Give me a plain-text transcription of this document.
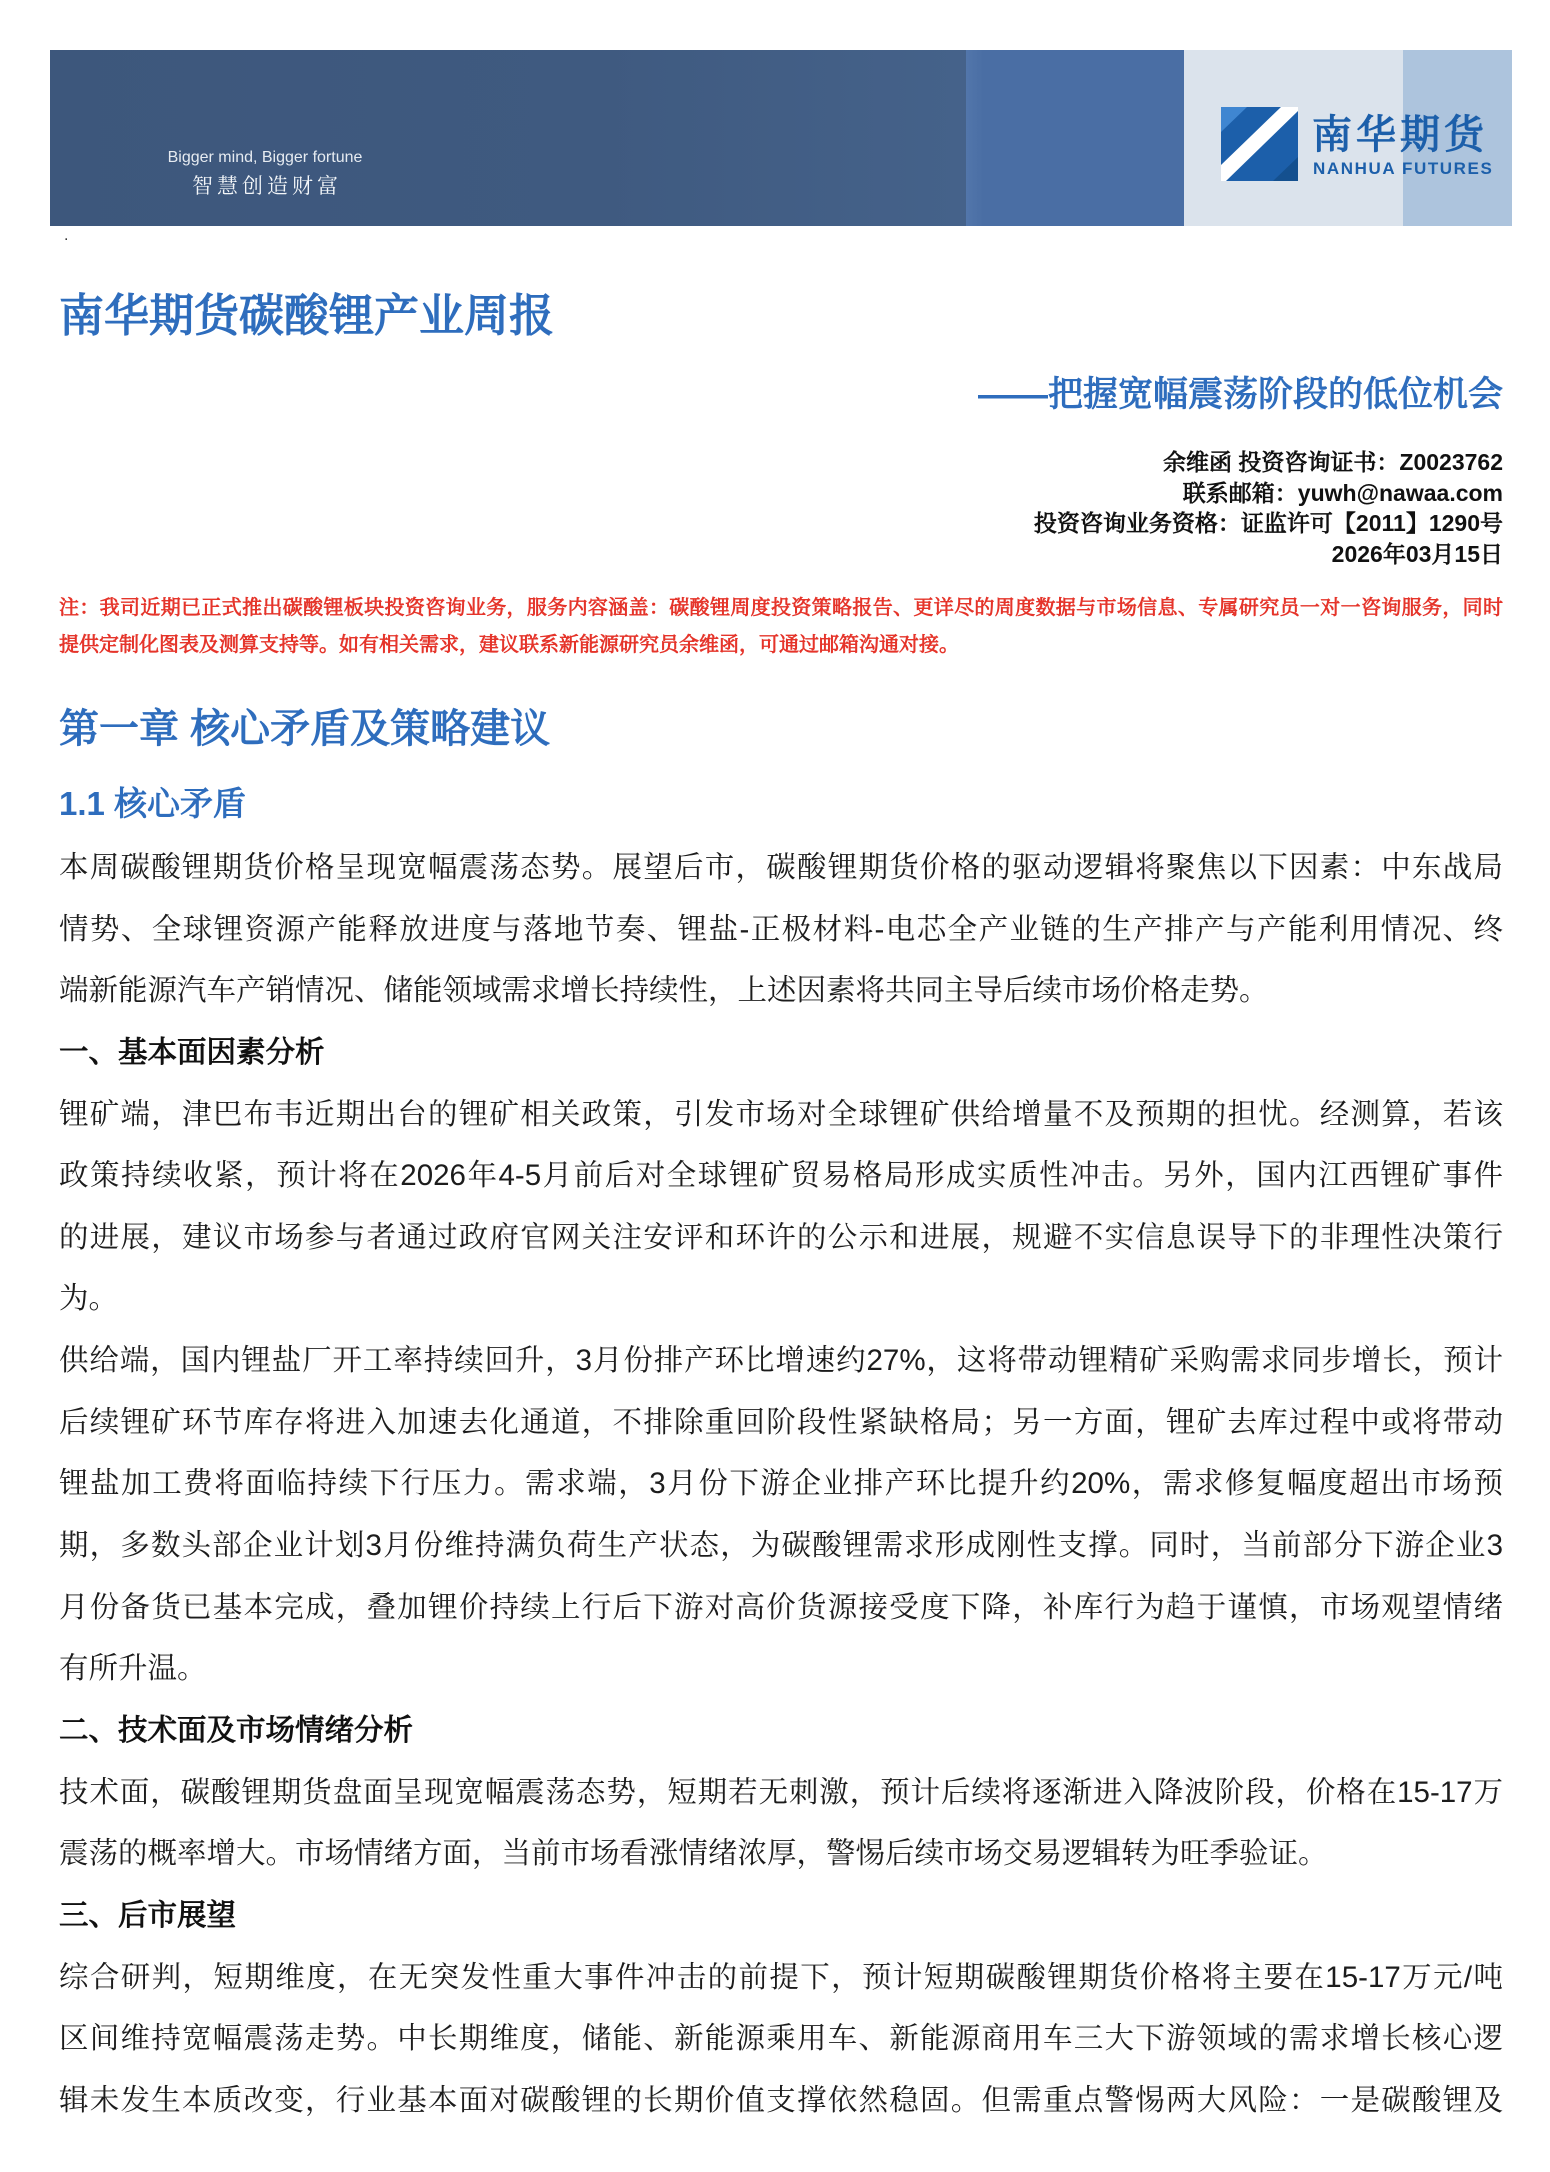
Bigger mind, Bigger fortune
智慧创造财富
南华期货
NANHUA FUTURES
.
南华期货碳酸锂产业周报
——把握宽幅震荡阶段的低位机会
余维函 投资咨询证书：Z0023762
联系邮箱：yuwh@nawaa.com
投资咨询业务资格：证监许可【2011】1290号
2026年03月15日
注：我司近期已正式推出碳酸锂板块投资咨询业务，服务内容涵盖：碳酸锂周度投资策略报告、更详尽的周度数据与市场信息、专属研究员一对一咨询服务，同时
提供定制化图表及测算支持等。如有相关需求，建议联系新能源研究员余维函，可通过邮箱沟通对接。
第一章 核心矛盾及策略建议
1.1 核心矛盾
本周碳酸锂期货价格呈现宽幅震荡态势。展望后市，碳酸锂期货价格的驱动逻辑将聚焦以下因素：中东战局
情势、全球锂资源产能释放进度与落地节奏、锂盐-正极材料-电芯全产业链的生产排产与产能利用情况、终
端新能源汽车产销情况、储能领域需求增长持续性，上述因素将共同主导后续市场价格走势。
一、基本面因素分析
锂矿端，津巴布韦近期出台的锂矿相关政策，引发市场对全球锂矿供给增量不及预期的担忧。经测算，若该
政策持续收紧，预计将在2026年4-5月前后对全球锂矿贸易格局形成实质性冲击。另外，国内江西锂矿事件
的进展，建议市场参与者通过政府官网关注安评和环许的公示和进展，规避不实信息误导下的非理性决策行
为。
供给端，国内锂盐厂开工率持续回升，3月份排产环比增速约27%，这将带动锂精矿采购需求同步增长，预计
后续锂矿环节库存将进入加速去化通道，不排除重回阶段性紧缺格局；另一方面，锂矿去库过程中或将带动
锂盐加工费将面临持续下行压力。需求端，3月份下游企业排产环比提升约20%，需求修复幅度超出市场预
期，多数头部企业计划3月份维持满负荷生产状态，为碳酸锂需求形成刚性支撑。同时，当前部分下游企业3
月份备货已基本完成，叠加锂价持续上行后下游对高价货源接受度下降，补库行为趋于谨慎，市场观望情绪
有所升温。
二、技术面及市场情绪分析
技术面，碳酸锂期货盘面呈现宽幅震荡态势，短期若无刺激，预计后续将逐渐进入降波阶段，价格在15-17万
震荡的概率增大。市场情绪方面，当前市场看涨情绪浓厚，警惕后续市场交易逻辑转为旺季验证。
三、后市展望
综合研判，短期维度，在无突发性重大事件冲击的前提下，预计短期碳酸锂期货价格将主要在15-17万元/吨
区间维持宽幅震荡走势。中长期维度，储能、新能源乘用车、新能源商用车三大下游领域的需求增长核心逻
辑未发生本质改变，行业基本面对碳酸锂的长期价值支撑依然稳固。但需重点警惕两大风险：一是碳酸锂及
